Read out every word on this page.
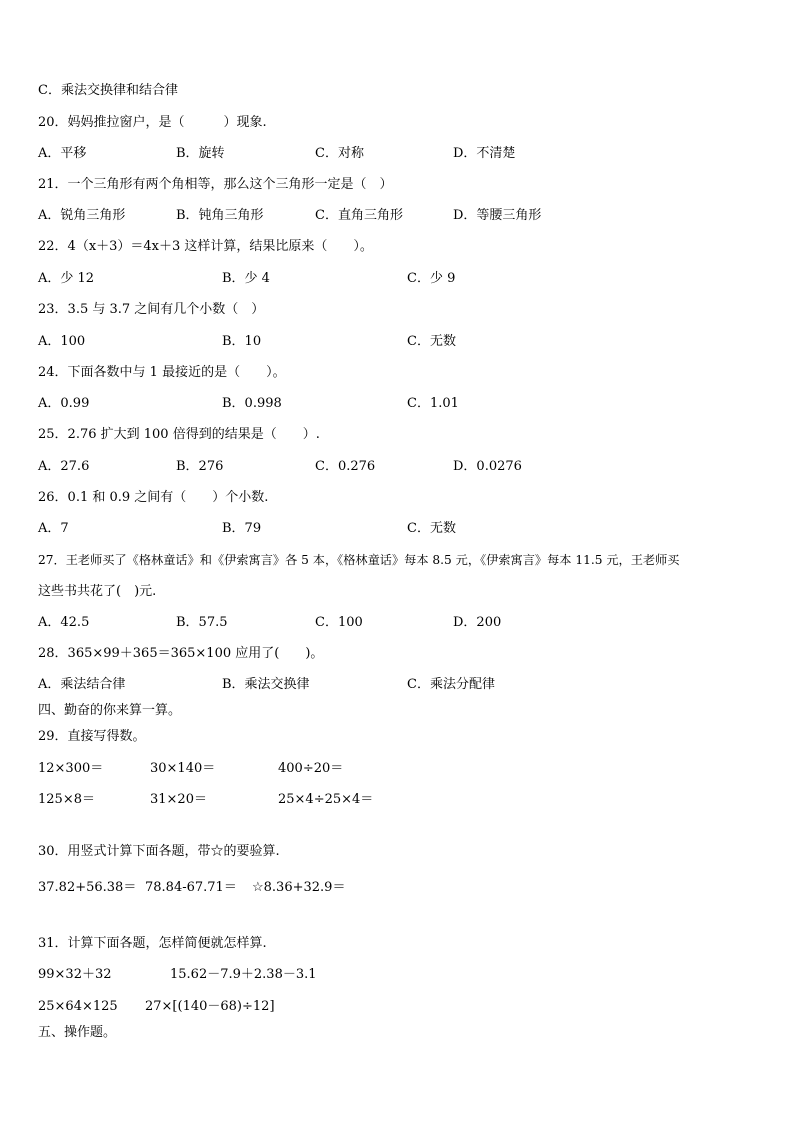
C．乘法交换律和结合律
20．妈妈推拉窗户，是（　　　）现象.
A．平移	B．旋转	C．对称	D．不清楚
21．一个三角形有两个角相等，那么这个三角形一定是（　）
A．锐角三角形	B．钝角三角形	C．直角三角形	D．等腰三角形
22．4（x＋3）＝4x＋3 这样计算，结果比原来（　　）。
A．少 12	B．少 4	C．少 9
23．3.5 与 3.7 之间有几个小数（　）
A．100	B．10	C．无数
24．下面各数中与 1 最接近的是（　　）。
A．0.99	B．0.998	C．1.01
25．2.76 扩大到 100 倍得到的结果是（　　）.
A．27.6	B．276	C．0.276	D．0.0276
26．0.1 和 0.9 之间有（　　）个小数.
A．7	B．79	C．无数
27．王老师买了《格林童话》和《伊索寓言》各 5 本，《格林童话》每本 8.5 元，《伊索寓言》每本 11.5 元，王老师买
这些书共花了(　)元.
A．42.5	B．57.5	C．100	D．200
28．365×99＋365＝365×100 应用了(　　)。
A．乘法结合律	B．乘法交换律	C．乘法分配律
四、勤奋的你来算一算。
29．直接写得数。
12×300＝	30×140＝	400÷20＝
125×8＝	31×20＝	25×4÷25×4＝
30．用竖式计算下面各题，带☆的要验算.
37.82+56.38＝ 78.84-67.71＝ ☆8.36+32.9＝
31．计算下面各题，怎样简便就怎样算.
99×32＋32	15.62－7.9＋2.38－3.1
25×64×125 27×[(140－68)÷12]
五、操作题。
